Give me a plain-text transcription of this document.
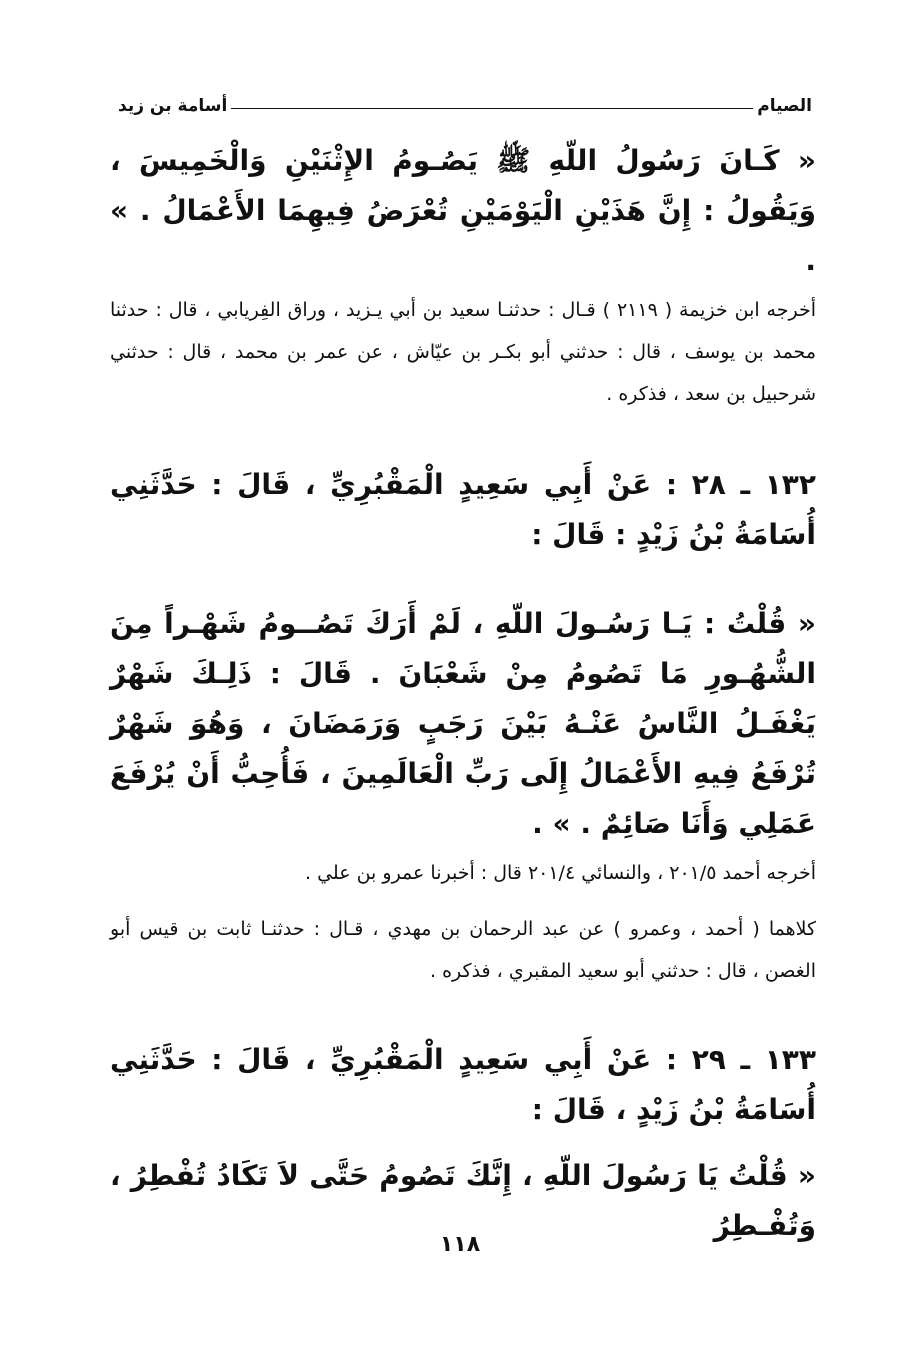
الصيام
أسامة بن زيد
« كَـانَ رَسُولُ اللّهِ ﷺ يَصُـومُ الإِثْنَيْنِ وَالْخَمِيسَ ، وَيَقُولُ : إِنَّ هَذَيْنِ الْيَوْمَيْنِ تُعْرَضُ فِيهِمَا الأَعْمَالُ . » .
أخرجه ابن خزيمة ( ٢١١٩ ) قـال : حدثنـا سعيد بن أبي يـزيد ، وراق الفِريابي ، قال : حدثنا محمد بن يوسف ، قال : حدثني أبو بكـر بن عيّاش ، عن عمر بن محمد ، قال : حدثني شرحبيل بن سعد ، فذكره .
١٣٢ ـ ٢٨ : عَنْ أَبِي سَعِيدٍ الْمَقْبُرِيِّ ، قَالَ : حَدَّثَنِي أُسَامَةُ بْنُ زَيْدٍ : قَالَ :
« قُلْتُ : يَـا رَسُـولَ اللّهِ ، لَمْ أَرَكَ تَصُــومُ شَهْـراً مِنَ الشُّهُـورِ مَا تَصُومُ مِنْ شَعْبَانَ . قَالَ : ذَلِـكَ شَهْرٌ يَغْفَـلُ النَّاسُ عَنْـهُ بَيْنَ رَجَبٍ وَرَمَضَانَ ، وَهُوَ شَهْرٌ تُرْفَعُ فِيهِ الأَعْمَالُ إِلَى رَبِّ الْعَالَمِينَ ، فَأُحِبُّ أَنْ يُرْفَعَ عَمَلِي وَأَنَا صَائِمٌ . » .
أخرجه أحمد ٢٠١/٥ ، والنسائي ٢٠١/٤ قال : أخبرنا عمرو بن علي .
كلاهما ( أحمد ، وعمرو ) عن عبد الرحمان بن مهدي ، قـال : حدثنـا ثابت بن قيس أبو الغصن ، قال : حدثني أبو سعيد المقبري ، فذكره .
١٣٣ ـ ٢٩ : عَنْ أَبِي سَعِيدٍ الْمَقْبُرِيِّ ، قَالَ : حَدَّثَنِي أُسَامَةُ بْنُ زَيْدٍ ، قَالَ :
« قُلْتُ يَا رَسُولَ اللّهِ ، إِنَّكَ تَصُومُ حَتَّى لاَ تَكَادُ تُفْطِرُ ، وَتُفْـطِرُ
١١٨
